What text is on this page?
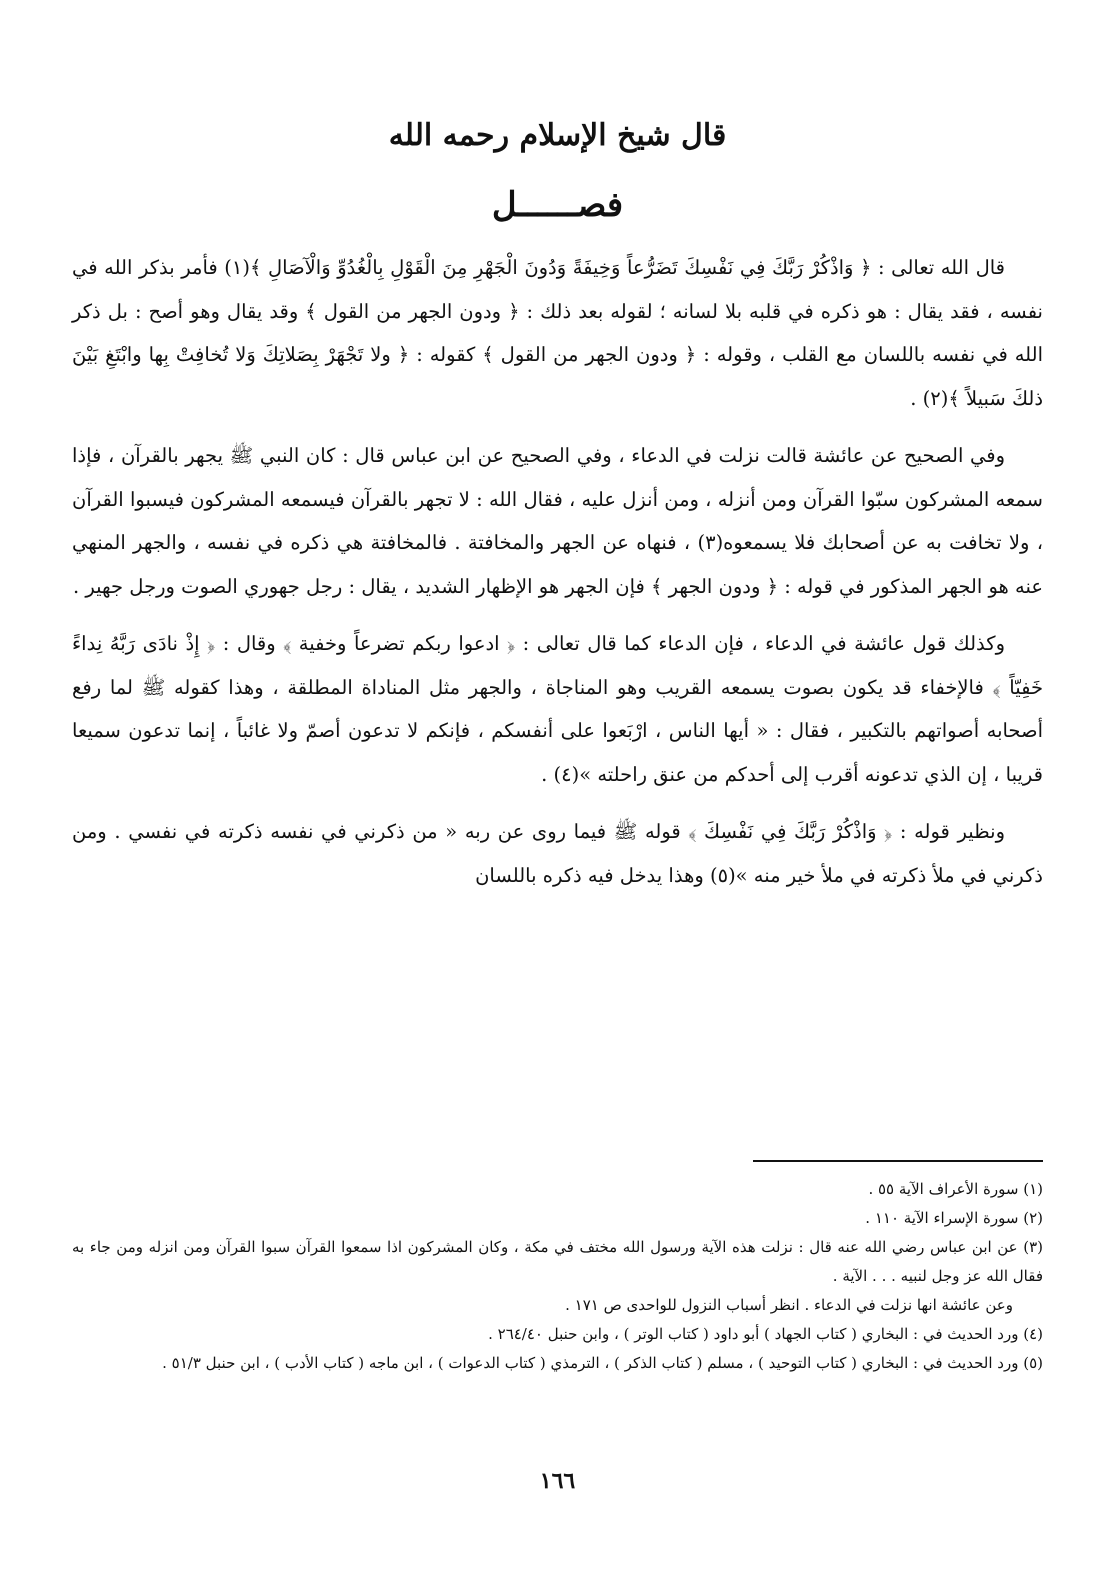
قال شيخ الإسلام رحمه الله
فصــــــل

قال الله تعالى : ﴿ وَاذْكُرْ رَبَّكَ فِي نَفْسِكَ تَضَرُّعاً وَخِيفَةً وَدُونَ الْجَهْرِ مِنَ الْقَوْلِ بِالْغُدُوِّ وَالْآصَالِ ﴾(١) فأمر بذكر الله في نفسه ، فقد يقال : هو ذكره في قلبه بلا لسانه ؛ لقوله بعد ذلك : ﴿ ودون الجهر من القول ﴾ وقد يقال وهو أصح : بل ذكر الله في نفسه باللسان مع القلب ، وقوله : ﴿ ودون الجهر من القول ﴾ كقوله : ﴿ ولا تَجْهَرْ بِصَلاتِكَ وَلا تُخافِتْ بِها وابْتَغِ بَيْنَ ذلكَ سَبيلاً ﴾(٢) .

وفي الصحيح عن عائشة قالت نزلت في الدعاء ، وفي الصحيح عن ابن عباس قال : كان النبي ﷺ يجهر بالقرآن ، فإذا سمعه المشركون سبّوا القرآن ومن أنزله ، ومن أنزل عليه ، فقال الله : لا تجهر بالقرآن فيسمعه المشركون فيسبوا القرآن ، ولا تخافت به عن أصحابك فلا يسمعوه(٣) ، فنهاه عن الجهر والمخافتة . فالمخافتة هي ذكره في نفسه ، والجهر المنهي عنه هو الجهر المذكور في قوله : ﴿ ودون الجهر ﴾ فإن الجهر هو الإظهار الشديد ، يقال : رجل جهوري الصوت ورجل جهير .

وكذلك قول عائشة في الدعاء ، فإن الدعاء كما قال تعالى : ﴿ ادعوا ربكم تضرعاً وخفية ﴾ وقال : ﴿ إِذْ نادَى رَبَّهُ نِداءً خَفِيّاً ﴾ فالإخفاء قد يكون بصوت يسمعه القريب وهو المناجاة ، والجهر مثل المناداة المطلقة ، وهذا كقوله ﷺ لما رفع أصحابه أصواتهم بالتكبير ، فقال : « أيها الناس ، ارْبَعوا على أنفسكم ، فإنكم لا تدعون أصمّ ولا غائباً ، إنما تدعون سميعا قريبا ، إن الذي تدعونه أقرب إلى أحدكم من عنق راحلته »(٤) .

ونظير قوله : ﴿ وَاذْكُرْ رَبَّكَ فِي نَفْسِكَ ﴾ قوله ﷺ فيما روى عن ربه « من ذكرني في نفسه ذكرته في نفسي . ومن ذكرني في ملأ ذكرته في ملأ خير منه »(٥) وهذا يدخل فيه ذكره باللسان

(١) سورة الأعراف الآية ٥٥ .

(٢) سورة الإسراء الآية ١١٠ .

(٣) عن ابن عباس رضي الله عنه قال : نزلت هذه الآية ورسول الله مختف في مكة ، وكان المشركون اذا سمعوا القرآن سبوا القرآن ومن انزله ومن جاء به فقال الله عز وجل لنبيه . . . الآية .

وعن عائشة انها نزلت في الدعاء . انظر أسباب النزول للواحدى ص ١٧١ .

(٤) ورد الحديث في : البخاري ( كتاب الجهاد ) أبو داود ( كتاب الوتر ) ، وابن حنبل ٢٦٤/٤٠ .

(٥) ورد الحديث في : البخاري ( كتاب التوحيد ) ، مسلم ( كتاب الذكر ) ، الترمذي ( كتاب الدعوات ) ، ابن ماجه ( كتاب الأدب ) ، ابن حنبل ٥١/٣ .

١٦٦
